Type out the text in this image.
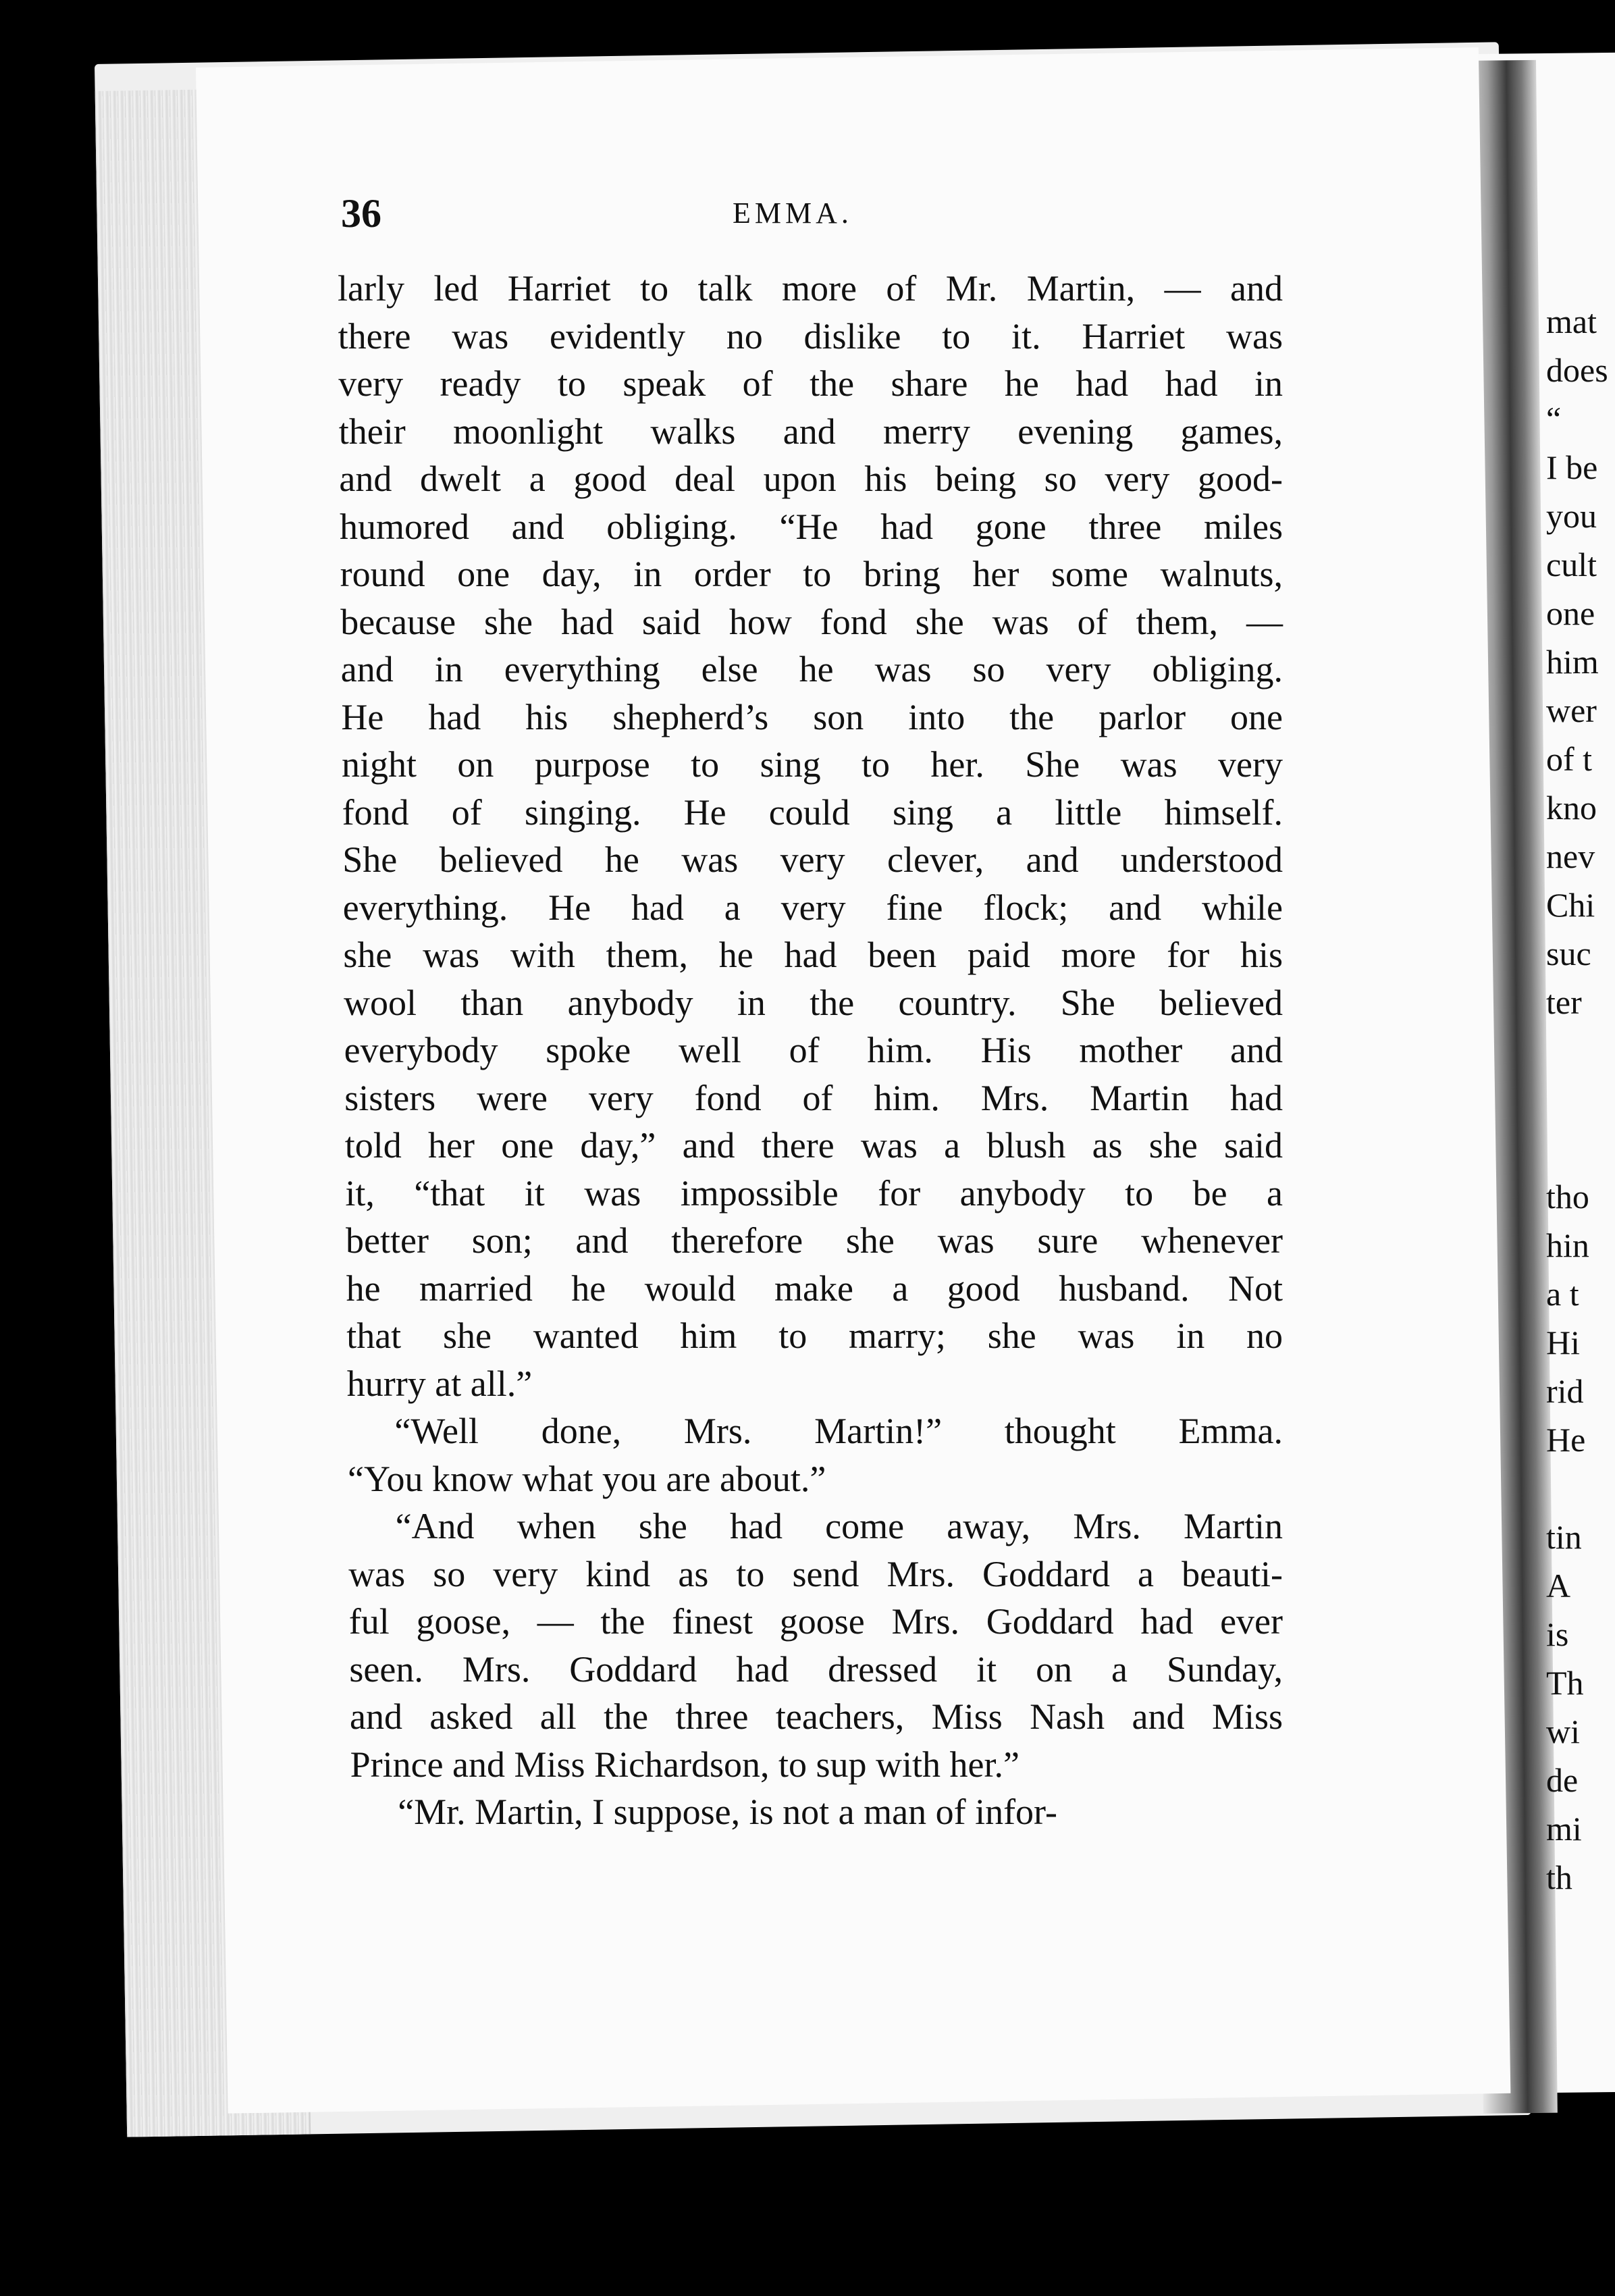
36	EMMA.
larly led Harriet to talk more of Mr. Martin, — and
there was evidently no dislike to it. Harriet was
very ready to speak of the share he had had in
their moonlight walks and merry evening games,
and dwelt a good deal upon his being so very good-
humored and obliging. “He had gone three miles
round one day, in order to bring her some walnuts,
because she had said how fond she was of them, —
and in everything else he was so very obliging.
He had his shepherd’s son into the parlor one
night on purpose to sing to her. She was very
fond of singing. He could sing a little himself.
She believed he was very clever, and understood
everything. He had a very fine flock; and while
she was with them, he had been paid more for his
wool than anybody in the country. She believed
everybody spoke well of him. His mother and
sisters were very fond of him. Mrs. Martin had
told her one day,” and there was a blush as she said
it, “that it was impossible for anybody to be a
better son; and therefore she was sure whenever
he married he would make a good husband. Not
that she wanted him to marry; she was in no
hurry at all.”
“Well done, Mrs. Martin!” thought Emma.
“You know what you are about.”
“And when she had come away, Mrs. Martin
was so very kind as to send Mrs. Goddard a beauti-
ful goose, — the finest goose Mrs. Goddard had ever
seen. Mrs. Goddard had dressed it on a Sunday,
and asked all the three teachers, Miss Nash and Miss
Prince and Miss Richardson, to sup with her.”
“Mr. Martin, I suppose, is not a man of infor-
mat
does
“
I be
you
cult
one
him
wer
of t
kno
nev
Chi
suc
ter
tho
hin
a t
Hi
rid
He
tin
A
is
Th
wi
de
mi
th
